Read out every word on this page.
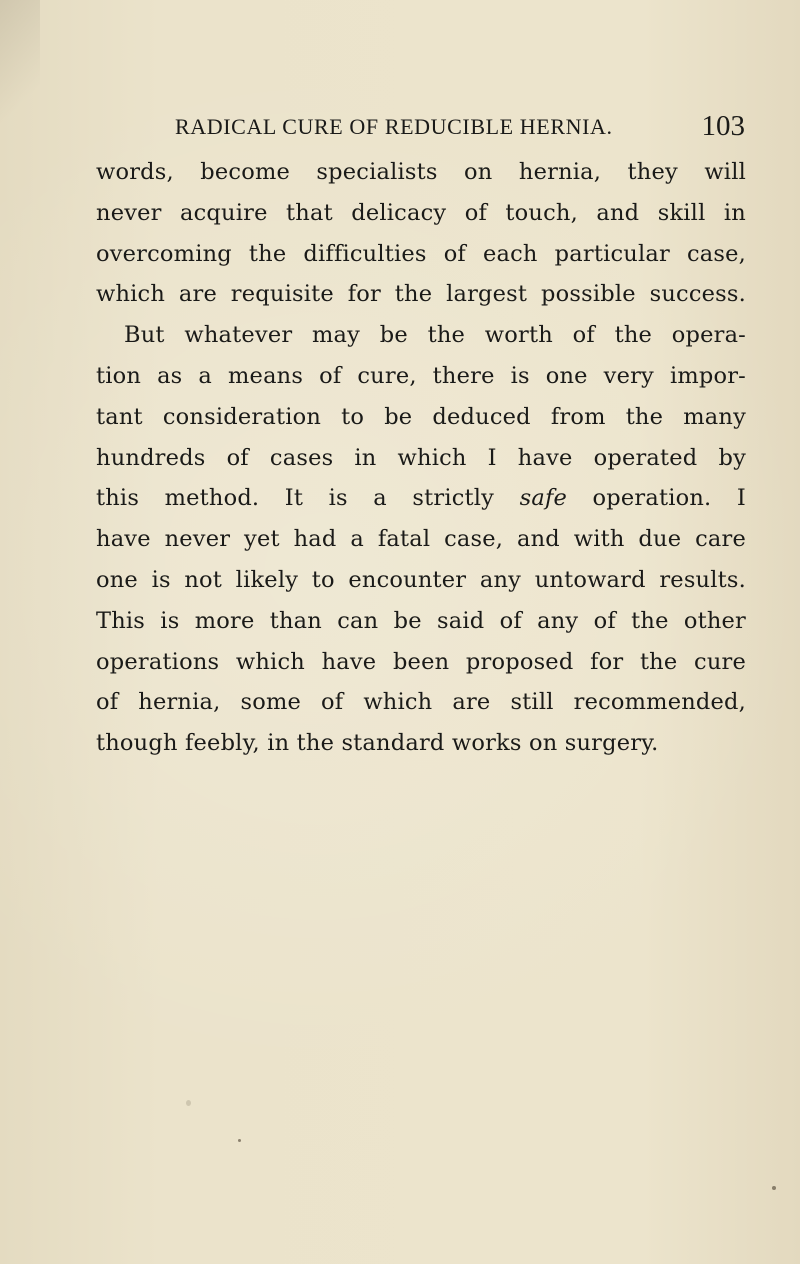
RADICAL CURE OF REDUCIBLE HERNIA.	103
words, become specialists on hernia, they will
never acquire that delicacy of touch, and skill in
overcoming the difficulties of each particular case,
which are requisite for the largest possible success.
But whatever may be the worth of the opera-
tion as a means of cure, there is one very impor-
tant consideration to be deduced from the many
hundreds of cases in which I have operated by
this method. It is a strictly safe operation. I
have never yet had a fatal case, and with due care
one is not likely to encounter any untoward results.
This is more than can be said of any of the other
operations which have been proposed for the cure
of hernia, some of which are still recommended,
though feebly, in the standard works on surgery.
